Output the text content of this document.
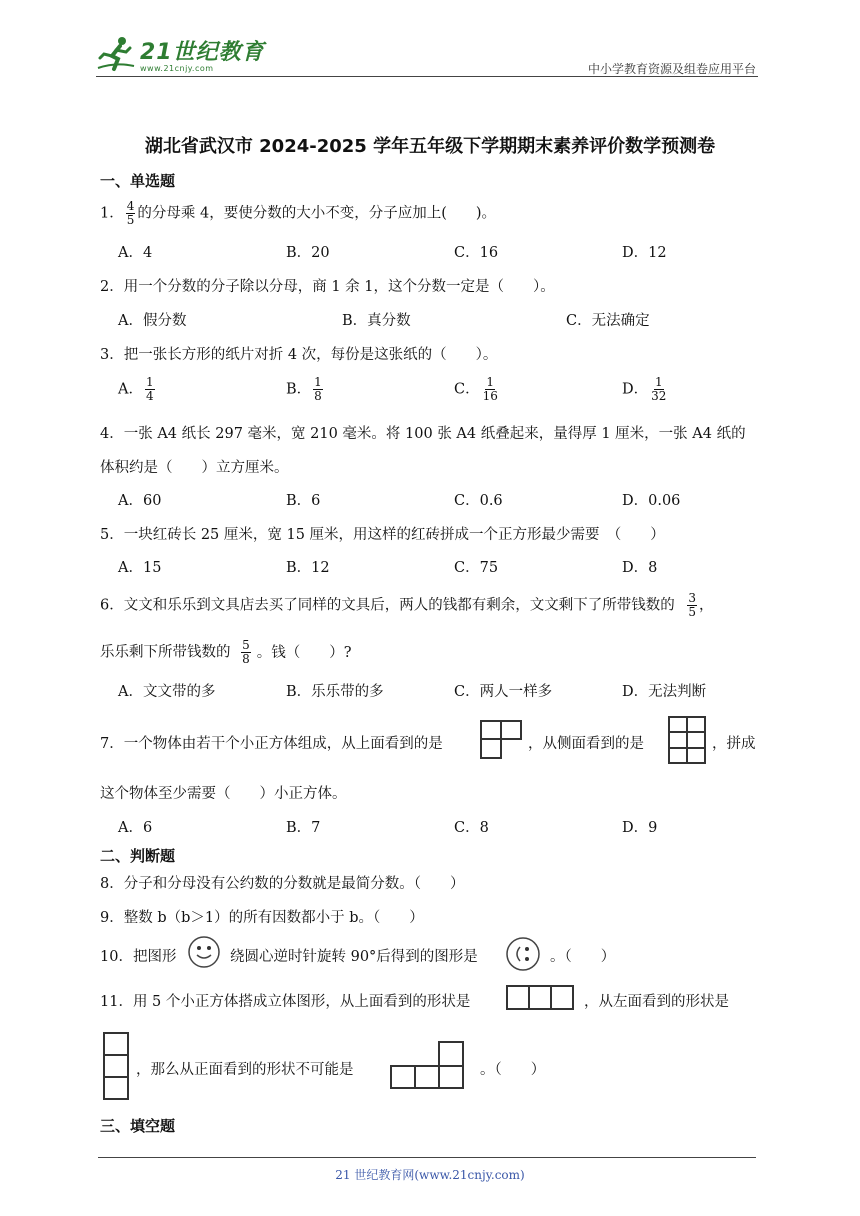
21世纪教育
www.21cnjy.com	中小学教育资源及组卷应用平台
湖北省武汉市 2024-2025 学年五年级下学期期末素养评价数学预测卷
一、单选题
1． $\frac{4}{5}$ 的分母乘 4，要使分数的大小不变，分子应加上(　　)。
A．4	B．20	C．16	D．12
2．用一个分数的分子除以分母，商 1 余 1，这个分数一定是（　　）。
A．假分数	B．真分数	C．无法确定
3．把一张长方形的纸片对折 4 次，每份是这张纸的（　　）。
A． $\frac{1}{4}$	B． $\frac{1}{8}$	C． $\frac{1}{16}$	D． $\frac{1}{32}$
4．一张 A4 纸长 297 毫米，宽 210 毫米。将 100 张 A4 纸叠起来，量得厚 1 厘米，一张 A4 纸的
体积约是（　　）立方厘米。
A．60	B．6	C．0.6	D．0.06
5．一块红砖长 25 厘米，宽 15 厘米，用这样的红砖拼成一个正方形最少需要　（　　）
A．15	B．12	C．75	D．8
6．文文和乐乐到文具店去买了同样的文具后，两人的钱都有剩余，文文剩下了所带钱数的 $\frac{3}{5}$ ，
乐乐剩下所带钱数的 $\frac{5}{8}$ 。钱（　　）?
A．文文带的多	B．乐乐带的多	C．两人一样多	D．无法判断
7．一个物体由若干个小正方体组成，从上面看到的是	，从侧面看到的是	，拼成
这个物体至少需要（　　）小正方体。
A．6	B．7	C．8	D．9
二、判断题
8．分子和分母没有公约数的分数就是最简分数。（　　）
9．整数 b（b＞1）的所有因数都小于 b。（　　）
10．把图形	绕圆心逆时针旋转 90°后得到的图形是	。（　　）
11．用 5 个小正方体搭成立体图形，从上面看到的形状是	，从左面看到的形状是
，那么从正面看到的形状不可能是	。（　　）
三、填空题
21 世纪教育网(www.21cnjy.com)
